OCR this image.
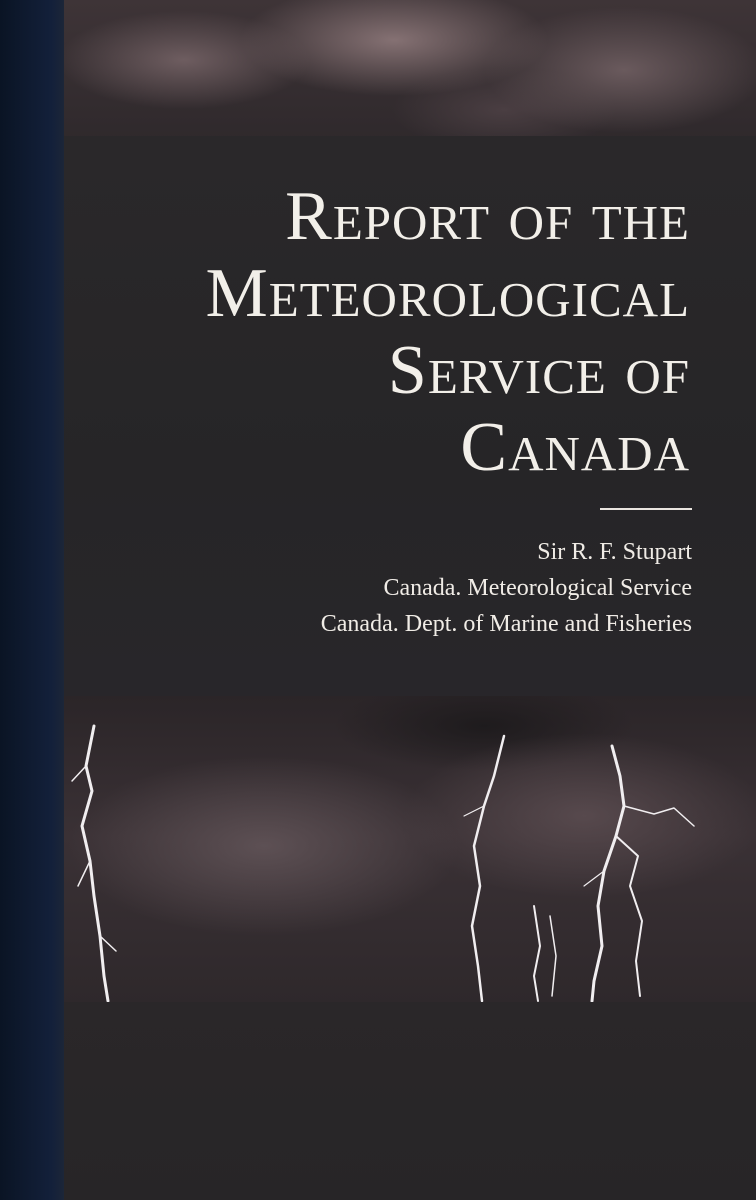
Report of the
Meteorological
Service of
Canada
Sir R. F. Stupart
Canada. Meteorological Service
Canada. Dept. of Marine and Fisheries
